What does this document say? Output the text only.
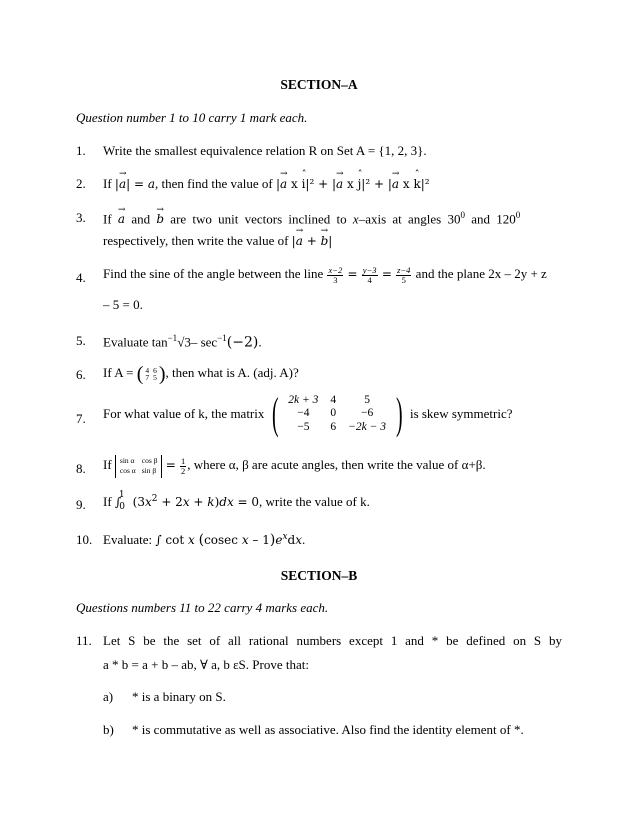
SECTION–A
Question number 1 to 10 carry 1 mark each.
1. Write the smallest equivalence relation R on Set A = {1, 2, 3}.
2. If |→ a| = a, then find the value of |→ a x ˆ i|² + |→ a x ˆ j|² + |→ a x ˆ k|²
3. If → a and → b are two unit vectors inclined to x–axis at angles $30^0$ and $120^0$
respectively, then write the value of |→ a + → b|
4. Find the sine of the angle between the line $\frac{x-2}{3} = \frac{y-3}{4} = \frac{z-4}{5}$ and the plane 2x – 2y + z
– 5 = 0.
5. Evaluate $\tan^{-1}√3-$ $\sec^{-1}(-2)$.
6. If A = ( 4	6
7	5 ), then what is A. (adj. A)?
7. For what value of k, the matrix ( 2k + 3	4	5
−4	0	−6
−5	6	−2k − 3 ) is skew symmetric?
8. If sin α	cos β
cos α	$\sin \beta = \frac{1}{2}$ , where α, β are acute angles, then write the value of α+β.
9. If $\int_0^1$ $(3x^2 + 2x + k)dx = 0$, write the value of k.
10. Evaluate: ∫ cot x (cosec x – $1)e^xdx$.
SECTION–B
Questions numbers 11 to 22 carry 4 marks each.
11. Let S be the set of all rational numbers except 1 and * be defined on S by
a * b = a + b – ab, ∀ a, b εS. Prove that:
a) * is a binary on S.
b) * is commutative as well as associative. Also find the identity element of *.
